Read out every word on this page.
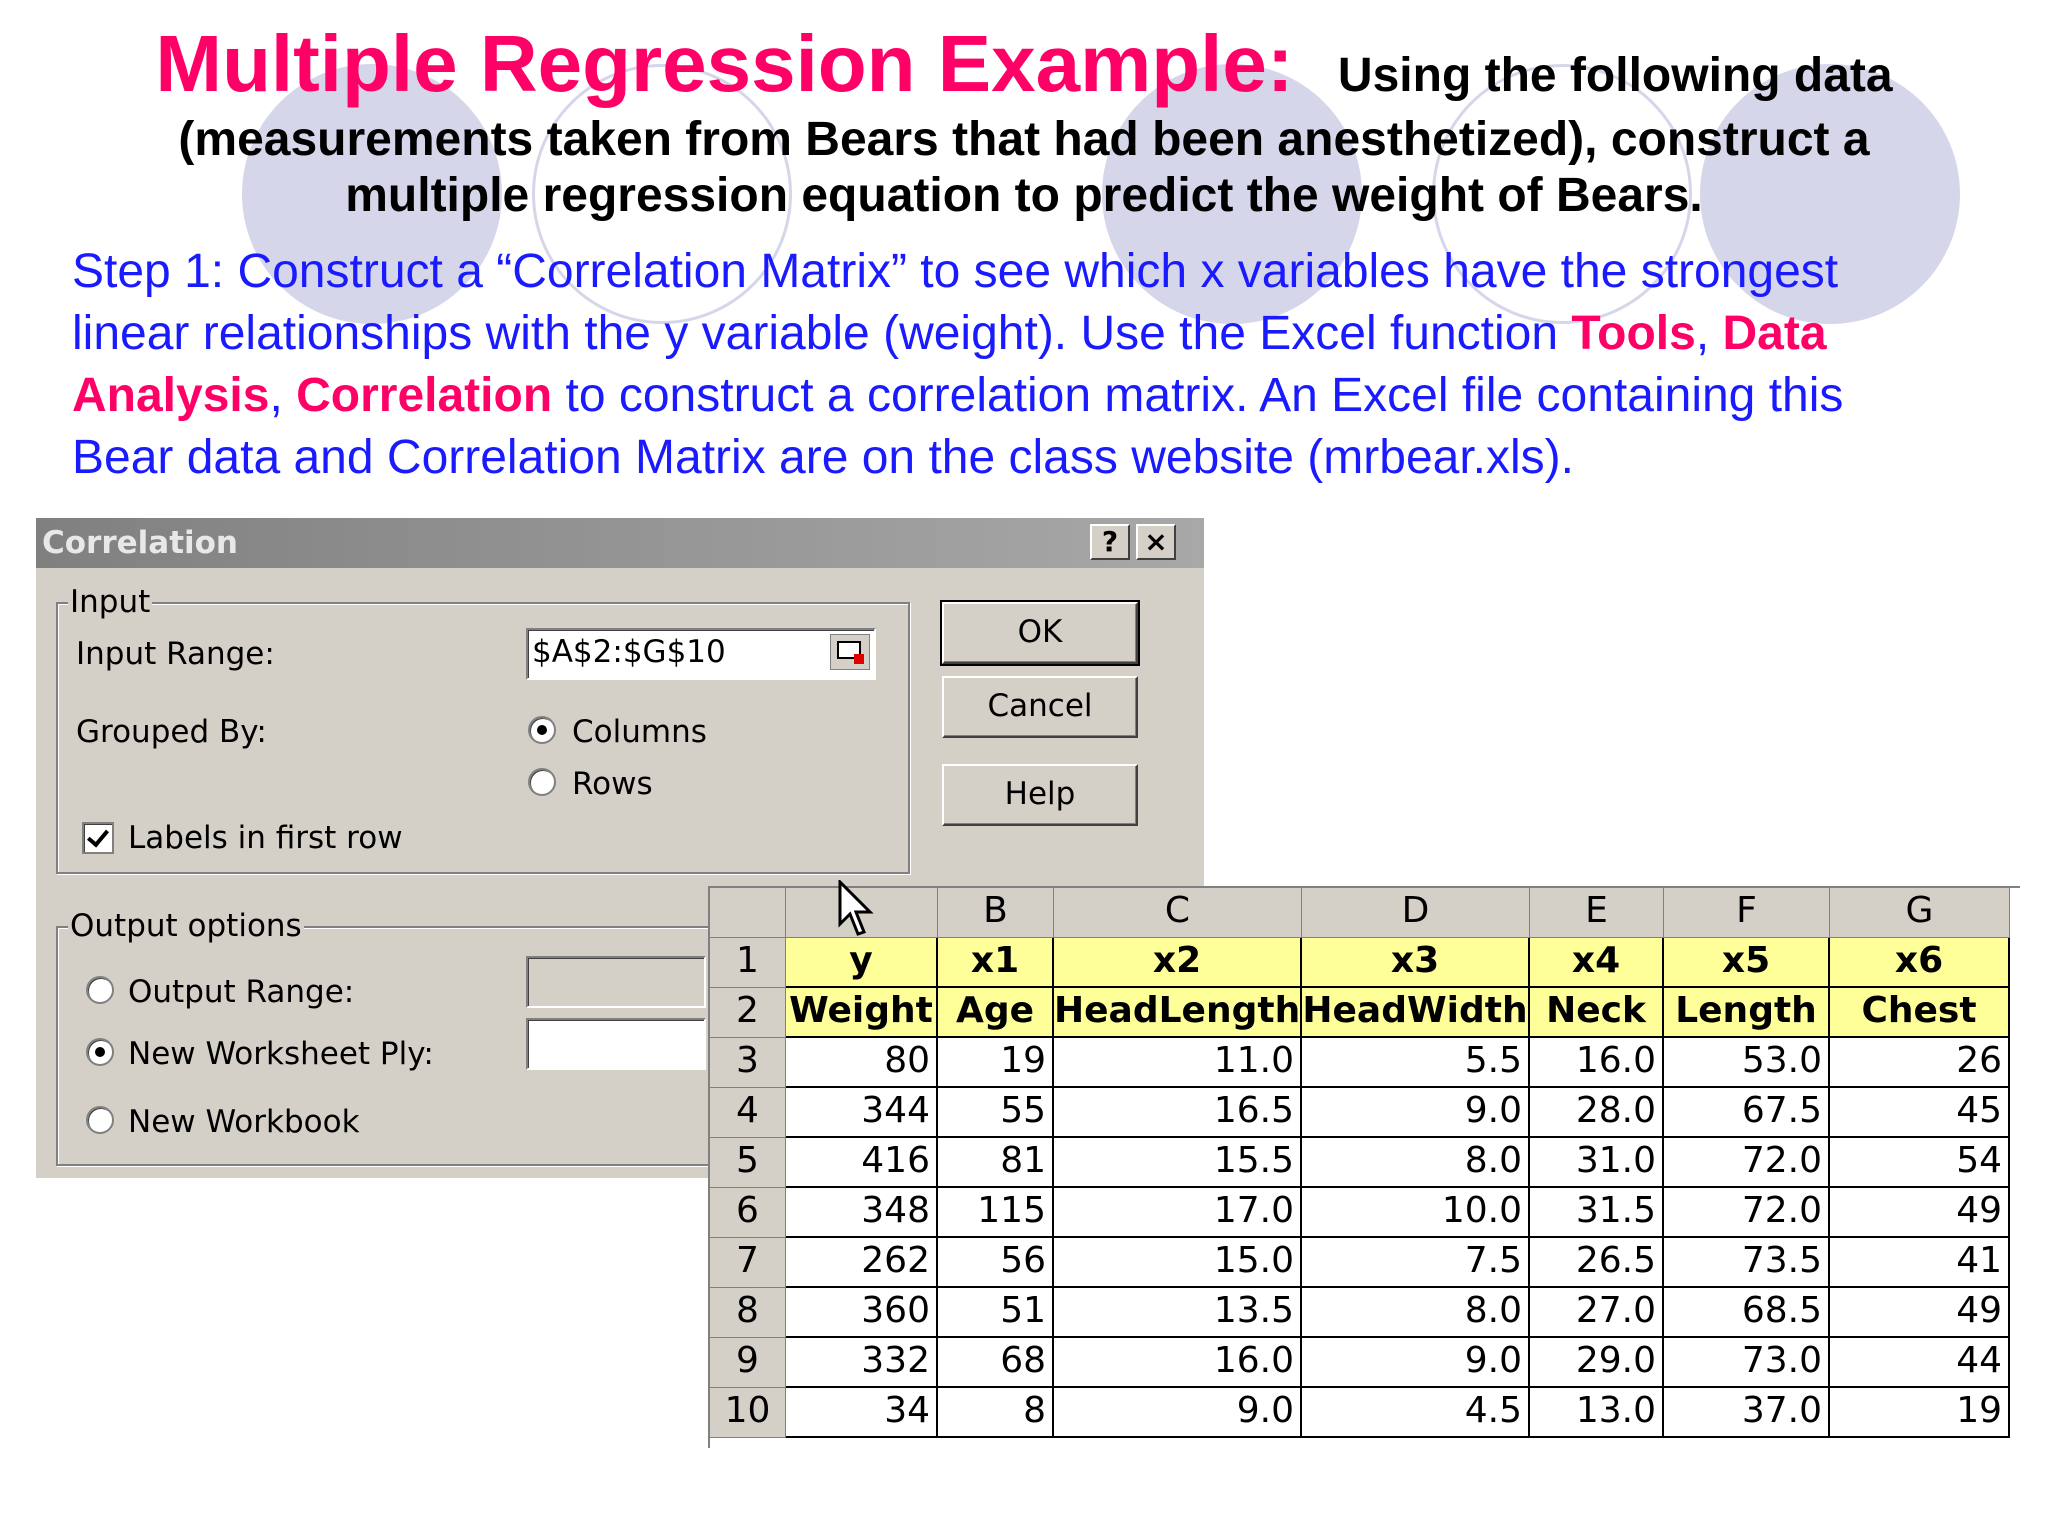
Multiple Regression Example: Using the following data
(measurements taken from Bears that had been anesthetized), construct a
multiple regression equation to predict the weight of Bears.
Step 1: Construct a “Correlation Matrix” to see which x variables have the strongest
linear relationships with the y variable (weight). Use the Excel function Tools, Data
Analysis, Correlation to construct a correlation matrix. An Excel file containing this
Bear data and Correlation Matrix are on the class website (mrbear.xls).
Correlation	? ×
Input
Input Range:	$A$2:$G$10
Grouped By:	Columns
Rows
Labels in first row
OK
Cancel
Help
Output options
Output Range:
New Worksheet Ply:
New Workbook
B	C	D	E	F	G
1	y	x1	x2	x3	x4	x5	x6
2 Weight Age HeadLength HeadWidth Neck Length	Chest
3	80	19	11.0	5.5	16.0	53.0	26
4	344	55	16.5	9.0	28.0	67.5	45
5	416	81	15.5	8.0	31.0	72.0	54
6	348	115	17.0	10.0	31.5	72.0	49
7	262	56	15.0	7.5	26.5	73.5	41
8	360	51	13.5	8.0	27.0	68.5	49
9	332	68	16.0	9.0	29.0	73.0	44
10	34	8	9.0	4.5	13.0	37.0	19
